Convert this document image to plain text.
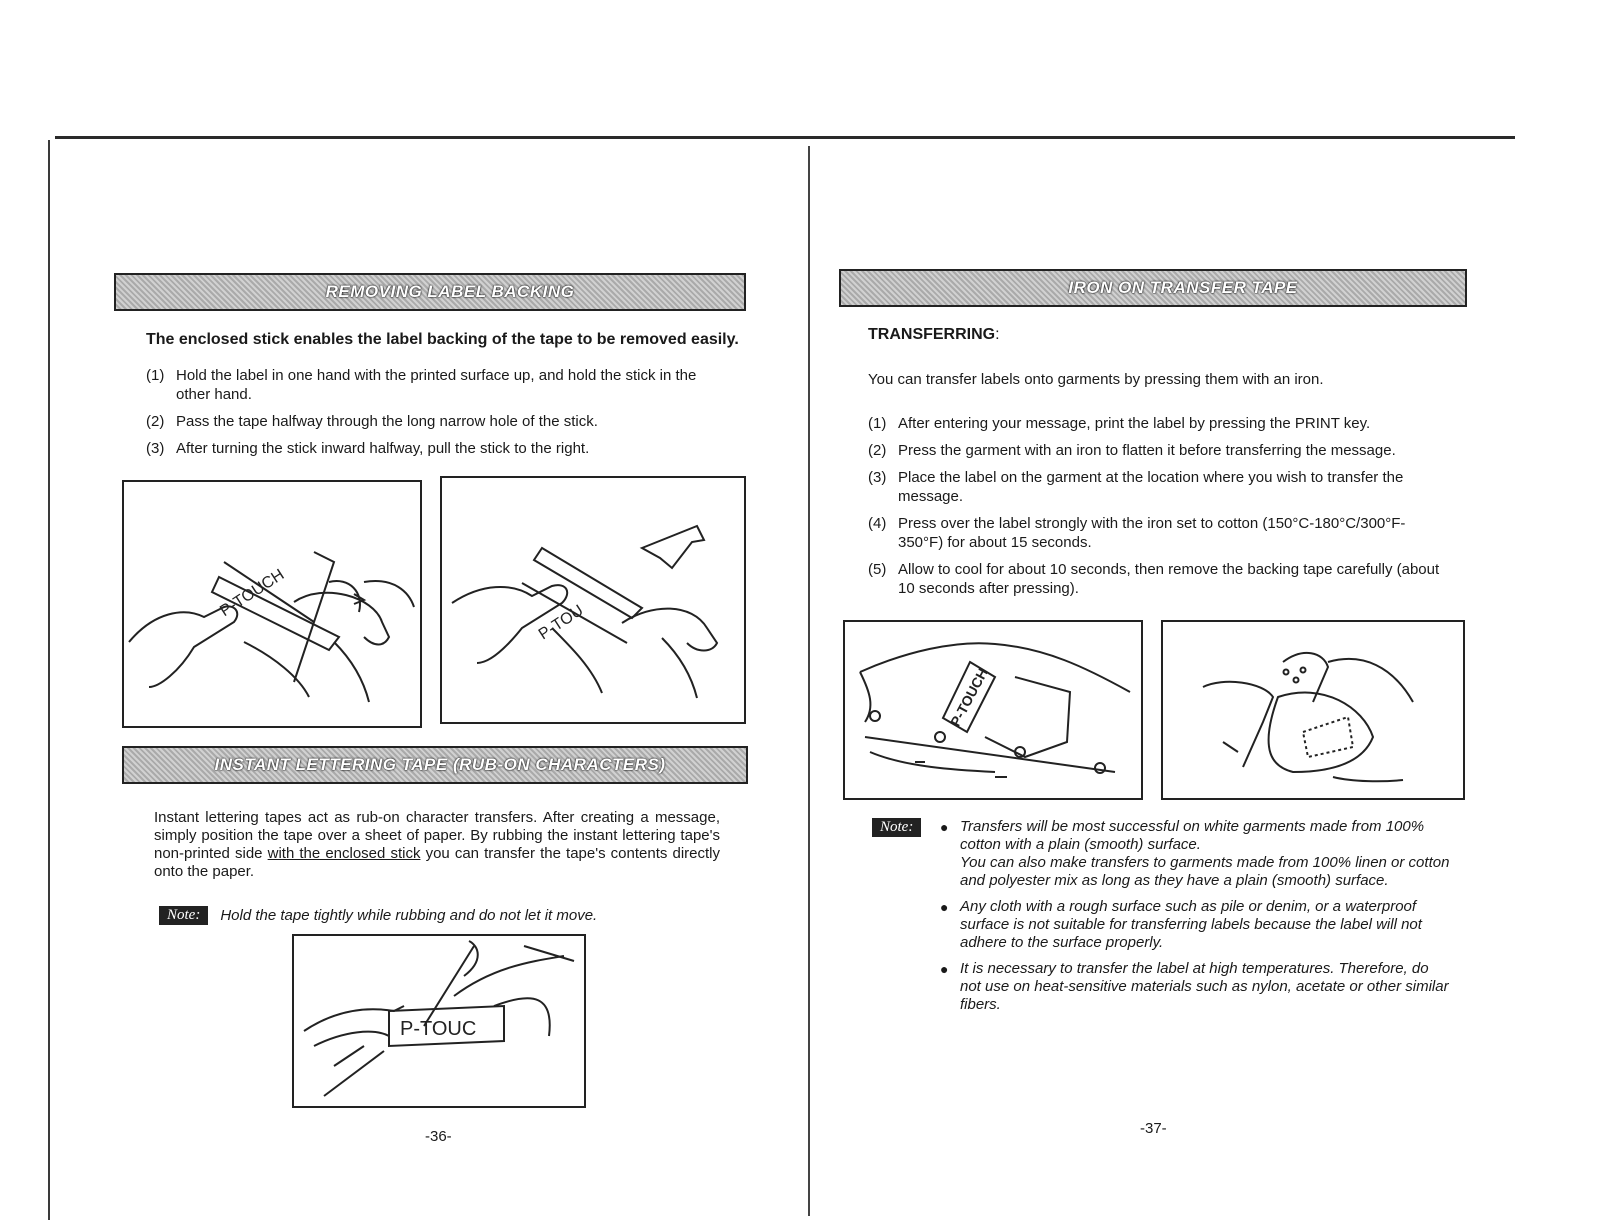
REMOVING LABEL BACKING
The enclosed stick enables the label backing of the tape to be removed easily.
(1) Hold the label in one hand with the printed surface up, and hold the stick in the other hand.
(2) Pass the tape halfway through the long narrow hole of the stick.
(3) After turning the stick inward halfway, pull the stick to the right.
P-TOUCH
P-TOU
INSTANT LETTERING TAPE (RUB-ON CHARACTERS)
Instant lettering tapes act as rub-on character transfers. After creating a message, simply position the tape over a sheet of paper. By rubbing the instant lettering tape's non-printed side with the enclosed stick you can transfer the tape's contents directly onto the paper.
Note:	Hold the tape tightly while rubbing and do not let it move.
P-TOUC
-36-
IRON ON TRANSFER TAPE
TRANSFERRING:
You can transfer labels onto garments by pressing them with an iron.
(1) After entering your message, print the label by pressing the PRINT key.
(2) Press the garment with an iron to flatten it before transferring the message.
(3) Place the label on the garment at the location where you wish to transfer the message.
(4) Press over the label strongly with the iron set to cotton (150°C-180°C/300°F-350°F) for about 15 seconds.
(5) Allow to cool for about 10 seconds, then remove the backing tape carefully (about 10 seconds after pressing).
P-TOUCH
Note:	● Transfers will be most successful on white garments made from 100% cotton with a plain (smooth) surface.
You can also make transfers to garments made from 100% linen or cotton and polyester mix as long as they have a plain (smooth) surface.
● Any cloth with a rough surface such as pile or denim, or a waterproof surface is not suitable for transferring labels because the label will not adhere to the surface properly.
● It is necessary to transfer the label at high temperatures. Therefore, do not use on heat-sensitive materials such as nylon, acetate or other similar fibers.
-37-
